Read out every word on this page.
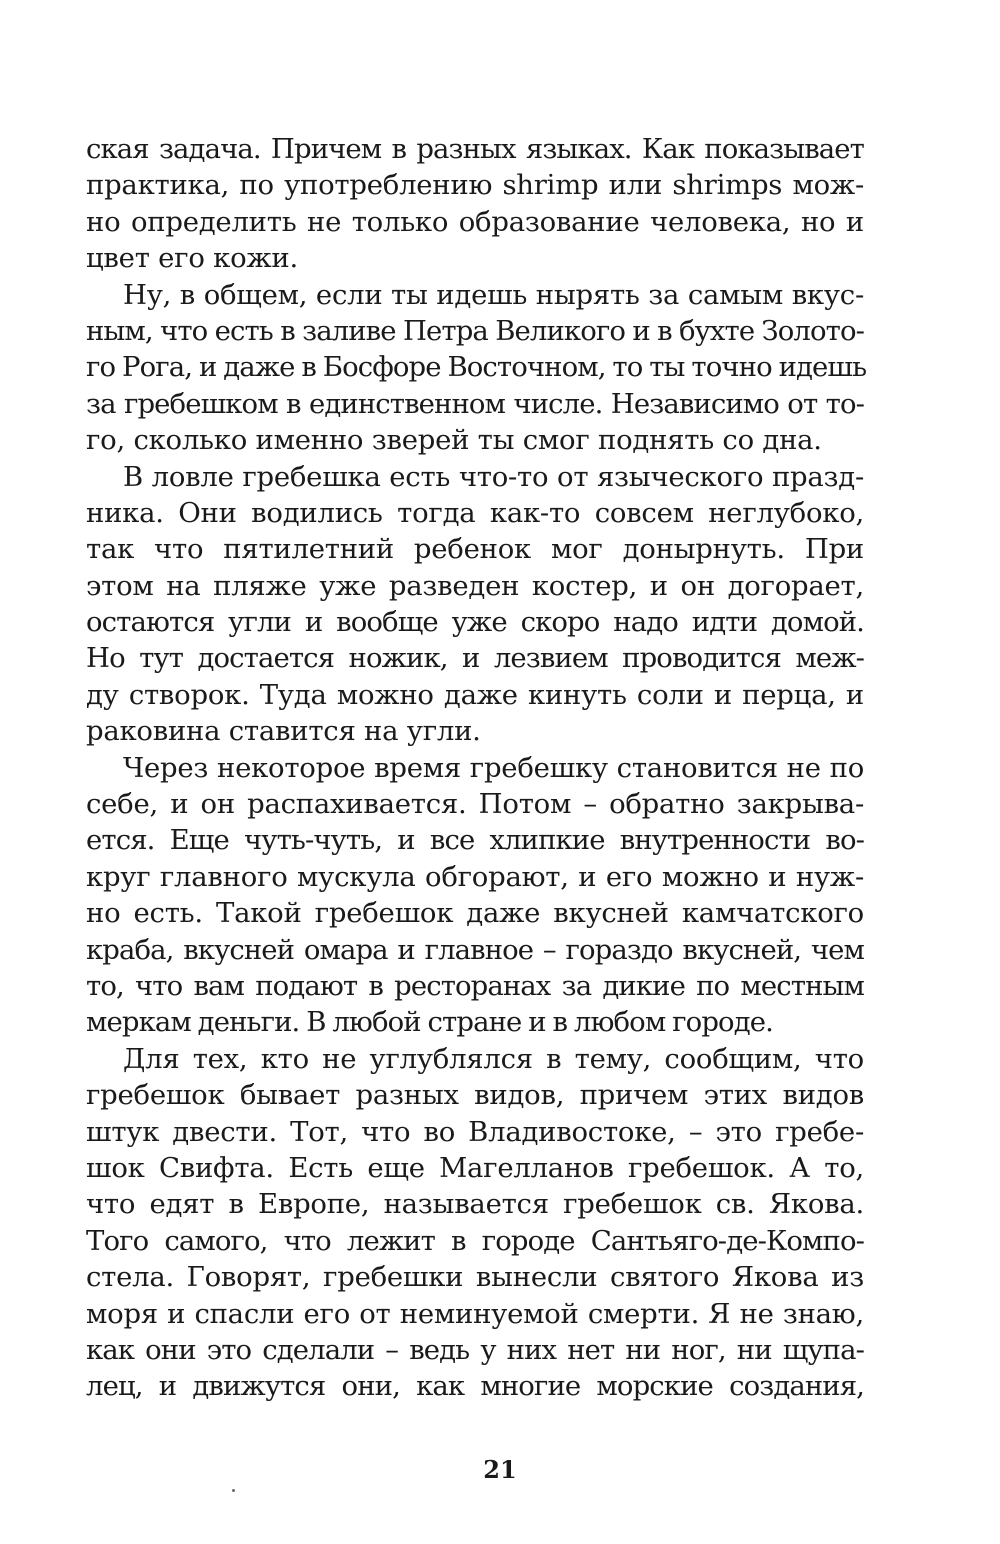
ская задача. Причем в разных языках. Как показывает
практика, по употреблению shrimp или shrimps мож-
но определить не только образование человека, но и
цвет его кожи.
Ну, в общем, если ты идешь нырять за самым вкус-
ным, что есть в заливе Петра Великого и в бухте Золото-
го Рога, и даже в Босфоре Восточном, то ты точно идешь
за гребешком в единственном числе. Независимо от то-
го, сколько именно зверей ты смог поднять со дна.
В ловле гребешка есть что-то от языческого празд-
ника. Они водились тогда как-то совсем неглубоко,
так что пятилетний ребенок мог донырнуть. При
этом на пляже уже разведен костер, и он догорает,
остаются угли и вообще уже скоро надо идти домой.
Но тут достается ножик, и лезвием проводится меж-
ду створок. Туда можно даже кинуть соли и перца, и
раковина ставится на угли.
Через некоторое время гребешку становится не по
себе, и он распахивается. Потом – обратно закрыва-
ется. Еще чуть-чуть, и все хлипкие внутренности во-
круг главного мускула обгорают, и его можно и нуж-
но есть. Такой гребешок даже вкусней камчатского
краба, вкусней омара и главное – гораздо вкусней, чем
то, что вам подают в ресторанах за дикие по местным
меркам деньги. В любой стране и в любом городе.
Для тех, кто не углублялся в тему, сообщим, что
гребешок бывает разных видов, причем этих видов
штук двести. Тот, что во Владивостоке, – это гребе-
шок Свифта. Есть еще Магелланов гребешок. А то,
что едят в Европе, называется гребешок св. Якова.
Того самого, что лежит в городе Сантьяго-де-Компо-
стела. Говорят, гребешки вынесли святого Якова из
моря и спасли его от неминуемой смерти. Я не знаю,
как они это сделали – ведь у них нет ни ног, ни щупа-
лец, и движутся они, как многие морские создания,
21
